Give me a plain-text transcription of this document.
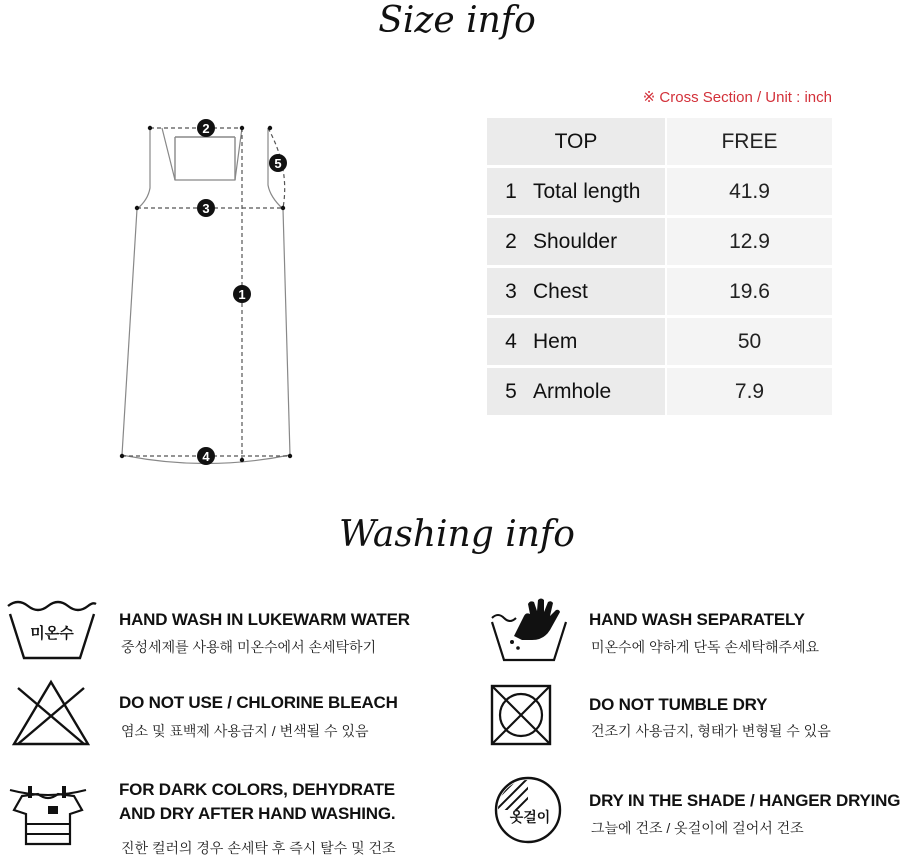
Size info
1
2
3
4
5
※ Cross Section / Unit : inch
TOP	FREE
1 Total length	41.9
2 Shoulder	12.9
3 Chest	19.6
4 Hem	50
5 Armhole	7.9
Washing info
미온수
HAND WASH IN LUKEWARM WATER
중성세제를 사용해 미온수에서 손세탁하기
HAND WASH SEPARATELY
미온수에 약하게 단독 손세탁해주세요
DO NOT USE / CHLORINE BLEACH
염소 및 표백제 사용금지 / 변색될 수 있음
DO NOT TUMBLE DRY
건조기 사용금지, 형태가 변형될 수 있음
FOR DARK COLORS, DEHYDRATE
AND DRY AFTER HAND WASHING.
진한 컬러의 경우 손세탁 후 즉시 탈수 및 건조
옷걸이
DRY IN THE SHADE / HANGER DRYING
그늘에 건조 / 옷걸이에 걸어서 건조
